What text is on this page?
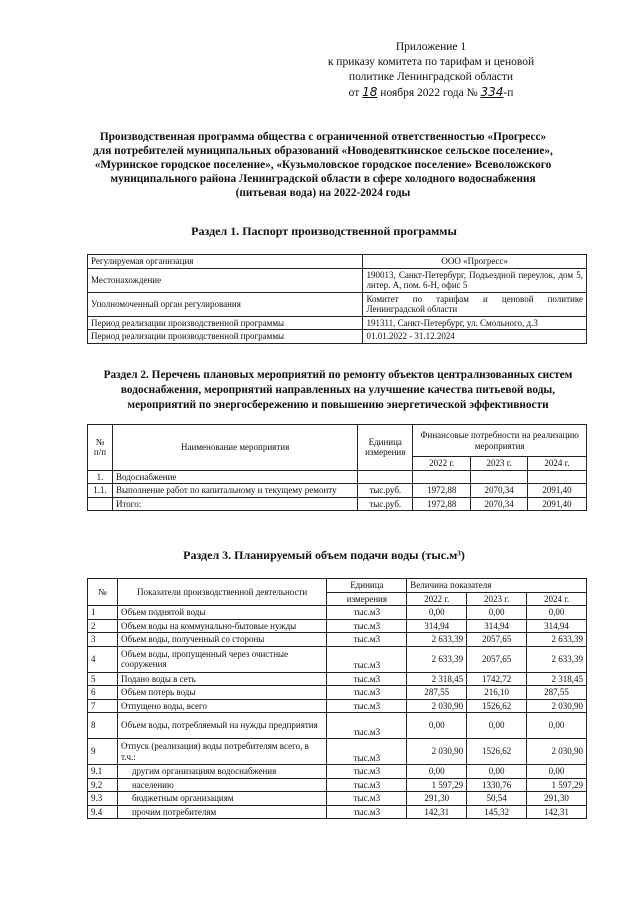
Приложение 1
к приказу комитета по тарифам и ценовой
политике Ленинградской области
от 18 ноября 2022 года № 334-п
Производственная программа общества с ограниченной ответственностью «Прогресс»
для потребителей муниципальных образований «Новодевяткинское сельское поселение»,
«Муринское городское поселение», «Кузьмоловское городское поселение» Всеволожского
муниципального района Ленинградской области в сфере холодного водоснабжения
(питьевая вода) на 2022-2024 годы
Раздел 1. Паспорт производственной программы
Регулируемая организация	ООО «Прогресс»
Местонахождение	190013, Санкт-Петербург, Подъездной переулок, дом 5, литер. А, пом. 6-Н, офис 5
Уполномоченный орган регулирования	Комитет по тарифам и ценовой политике Ленинградской области
Период реализации производственной программы	191311, Санкт-Петербург, ул. Смольного, д.3
Период реализации производственной программы	01.01.2022 - 31.12.2024
Раздел 2. Перечень плановых мероприятий по ремонту объектов централизованных систем
водоснабжения, мероприятий направленных на улучшение качества питьевой воды,
мероприятий по энергосбережению и повышению энергетической эффективности
№ п/п	Наименование мероприятия	Единица измерения	Финансовые потребности на реализацию мероприятия		
			2022 г.	2023 г.	2024 г.
1.	Водоснабжение				
1.1.	Выполнение работ по капитальному и текущему ремонту	тыс.руб.	1972,88	2070,34	2091,40
	Итого:	тыс.руб.	1972,88	2070,34	2091,40
Раздел 3. Планируемый объем подачи воды (тыс.м³)
№	Показатели производственной деятельности	Единица	Величина показателя		
		измерения	2022 г.	2023 г.	2024 г.
1	Объем поднятой воды	тыс.м3	0,00	0,00	0,00
2	Объем воды на коммунально-бытовые нужды	тыс.м3	314,94	314,94	314,94
3	Объем воды, полученный со стороны	тыс.м3	2 633,39	2057,65	2 633,39
4	Объем воды, пропущенный через очистные сооружения	тыс.м3	2 633,39	2057,65	2 633,39
5	Подано воды в сеть	тыс.м3	2 318,45	1742,72	2 318,45
6	Объем потерь воды	тыс.м3	287,55	216,10	287,55
7	Отпущено воды, всего	тыс.м3	2 030,90	1526,62	2 030,90
8	Объем воды, потребляемый на нужды предприятия	тыс.м3	0,00	0,00	0,00
9	Отпуск (реализация) воды потребителям всего, в т.ч.:	тыс.м3	2 030,90	1526,62	2 030,90
9.1	другим организациям водоснабжения	тыс.м3	0,00	0,00	0,00
9.2	населению	тыс.м3	1 597,29	1330,76	1 597,29
9.3	бюджетным организациям	тыс.м3	291,30	50,54	291,30
9.4	прочим потребителям	тыс.м3	142,31	145,32	142,31
